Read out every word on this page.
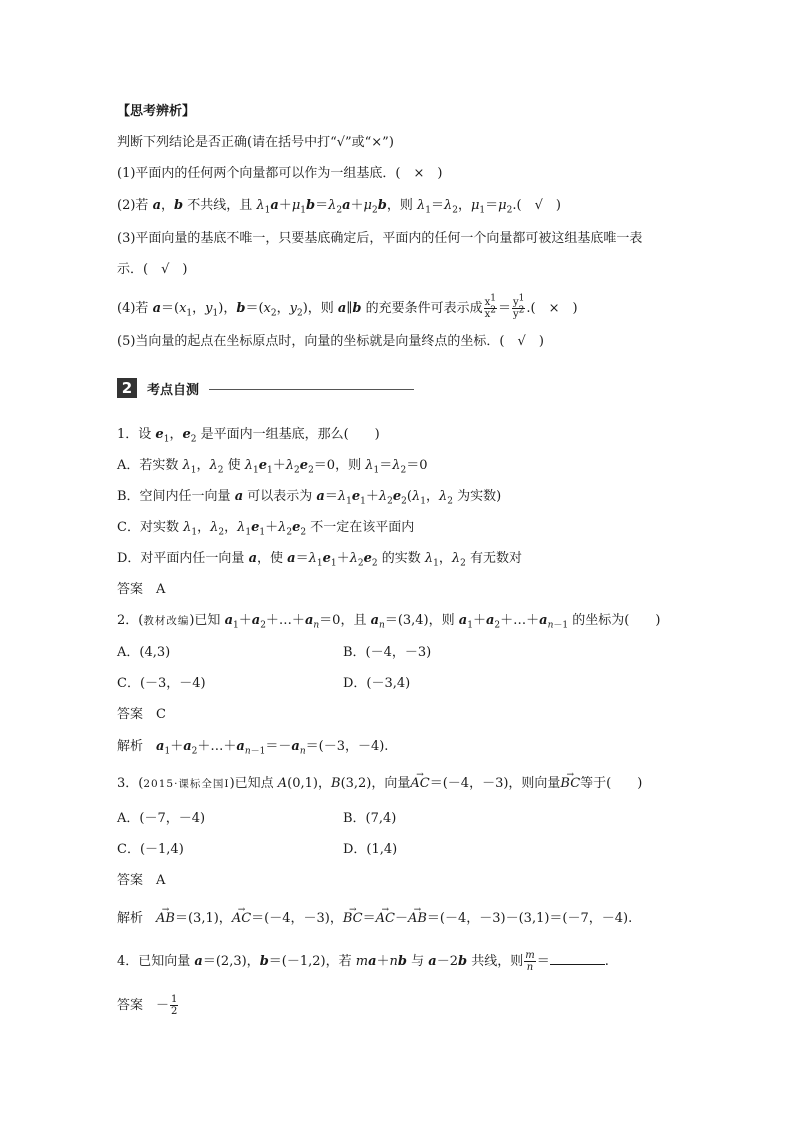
【思考辨析】
判断下列结论是否正确(请在括号中打“√”或“×”)
(1)平面内的任何两个向量都可以作为一组基底．(　 ×　)
(2)若 a，b 不共线，且 $\lambda_1a+\mu_1b=\lambda_2a+\mu_2b$，则 $\lambda_1=\lambda_2$，$\mu_1=\mu_2$.(　√　)
(3)平面向量的基底不唯一，只要基底确定后，平面内的任何一个向量都可被这组基底唯一表
示．(　 √　)
(4)若 $a=(x_1$，$y_1$)，$b=(x_2$，$y_2$)，则 a∥b 的充要条件可表示成 $\frac{x^1}{x^2} = \frac{y^1}{y^2}$ .(　×　)
(5)当向量的起点在坐标原点时，向量的坐标就是向量终点的坐标．(　 √　)
2	考点自测
1．设 $e_1$，$e_2$ 是平面内一组基底，那么(　　)
A．若实数 $\lambda_1$，$\lambda_2$ 使 $\lambda_1e_1+\lambda_2e_2=0$，则 $\lambda_1=\lambda_2=0$
B．空间内任一向量 a 可以表示为 $a=\lambda_1e_1+\lambda_2e_2(\lambda_1$，$\lambda_2$ 为实数)
C．对实数 $\lambda_1$，$\lambda_2$，$\lambda_1e_1+\lambda_2e_2$ 不一定在该平面内
D．对平面内任一向量 a，使 $a=\lambda_1e_1+\lambda_2e_2$ 的实数 $\lambda_1$，$\lambda_2$ 有无数对
答案　 A
2．(教材改编)已知 $a_1+a_2+\dots+a_n=0$，且 $a_n=(3,4)$，则 $a_1+a_2+\dots+a_{n-1}$ 的坐标为(　　)
A．(4,3)	B．(－4，－3)
C．(－3，－4)	D．(－3,4)
答案　 C
解析　 $a_1+a_2+\dots+a_{n-1}=-a_n=(-3$，－4).
3．(2015·课标全国Ⅰ)已知点 A(0,1)，B(3,2)，向量→ AC＝(－4，－3)，则向量→ BC等于(　　)
A．(－7，－4)	B．(7,4)
C．(－1,4)	D．(1,4)
答案　 A
解析　→ AB＝(3,1)，→ AC＝(－4，－3)，→ BC＝→ AC－→ AB＝(－4，－3)－(3,1)＝(－7，－4).
4．已知向量 a＝(2,3)，b＝(－1,2)，若 ma＋nb 与 a－2b 共线，则 $\frac{m}{n}$ ＝	.
答案　 － $\frac{1}{2}$
